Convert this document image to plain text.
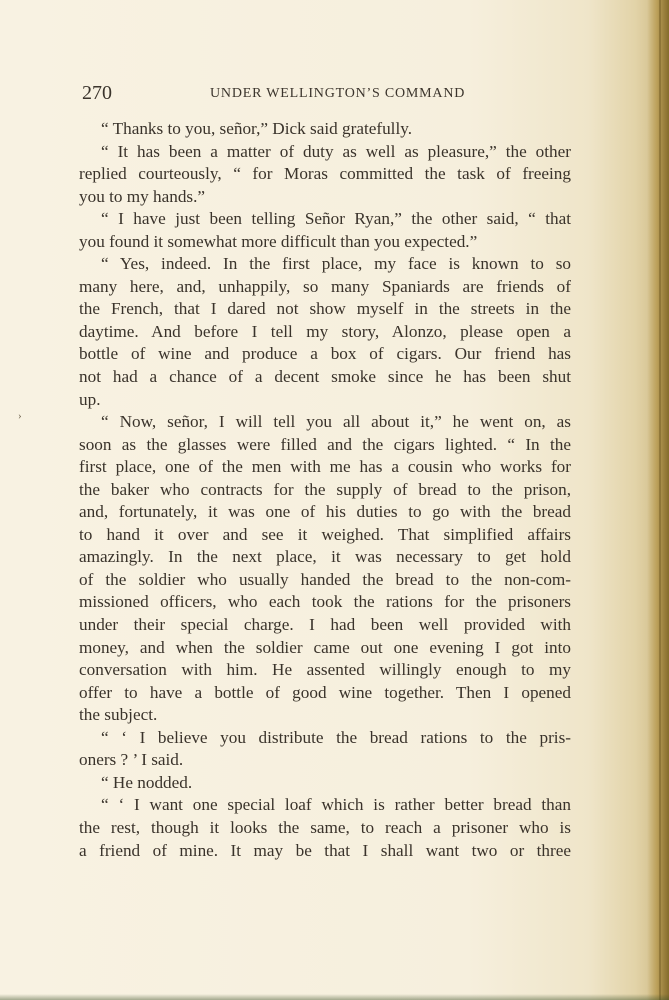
270	UNDER WELLINGTON’S COMMAND
›
“ Thanks to you, señor,” Dick said gratefully.
“ It has been a matter of duty as well as pleasure,” the other
replied courteously, “ for Moras committed the task of freeing
you to my hands.”
“ I have just been telling Señor Ryan,” the other said, “ that
you found it somewhat more difficult than you expected.”
“ Yes, indeed. In the first place, my face is known to so
many here, and, unhappily, so many Spaniards are friends of
the French, that I dared not show myself in the streets in the
daytime. And before I tell my story, Alonzo, please open a
bottle of wine and produce a box of cigars. Our friend has
not had a chance of a decent smoke since he has been shut
up.
“ Now, señor, I will tell you all about it,” he went on, as
soon as the glasses were filled and the cigars lighted. “ In the
first place, one of the men with me has a cousin who works for
the baker who contracts for the supply of bread to the prison,
and, fortunately, it was one of his duties to go with the bread
to hand it over and see it weighed. That simplified affairs
amazingly. In the next place, it was necessary to get hold
of the soldier who usually handed the bread to the non-com-
missioned officers, who each took the rations for the prisoners
under their special charge. I had been well provided with
money, and when the soldier came out one evening I got into
conversation with him. He assented willingly enough to my
offer to have a bottle of good wine together. Then I opened
the subject.
“ ‘ I believe you distribute the bread rations to the pris-
oners ? ’ I said.
“ He nodded.
“ ‘ I want one special loaf which is rather better bread than
the rest, though it looks the same, to reach a prisoner who is
a friend of mine. It may be that I shall want two or three
